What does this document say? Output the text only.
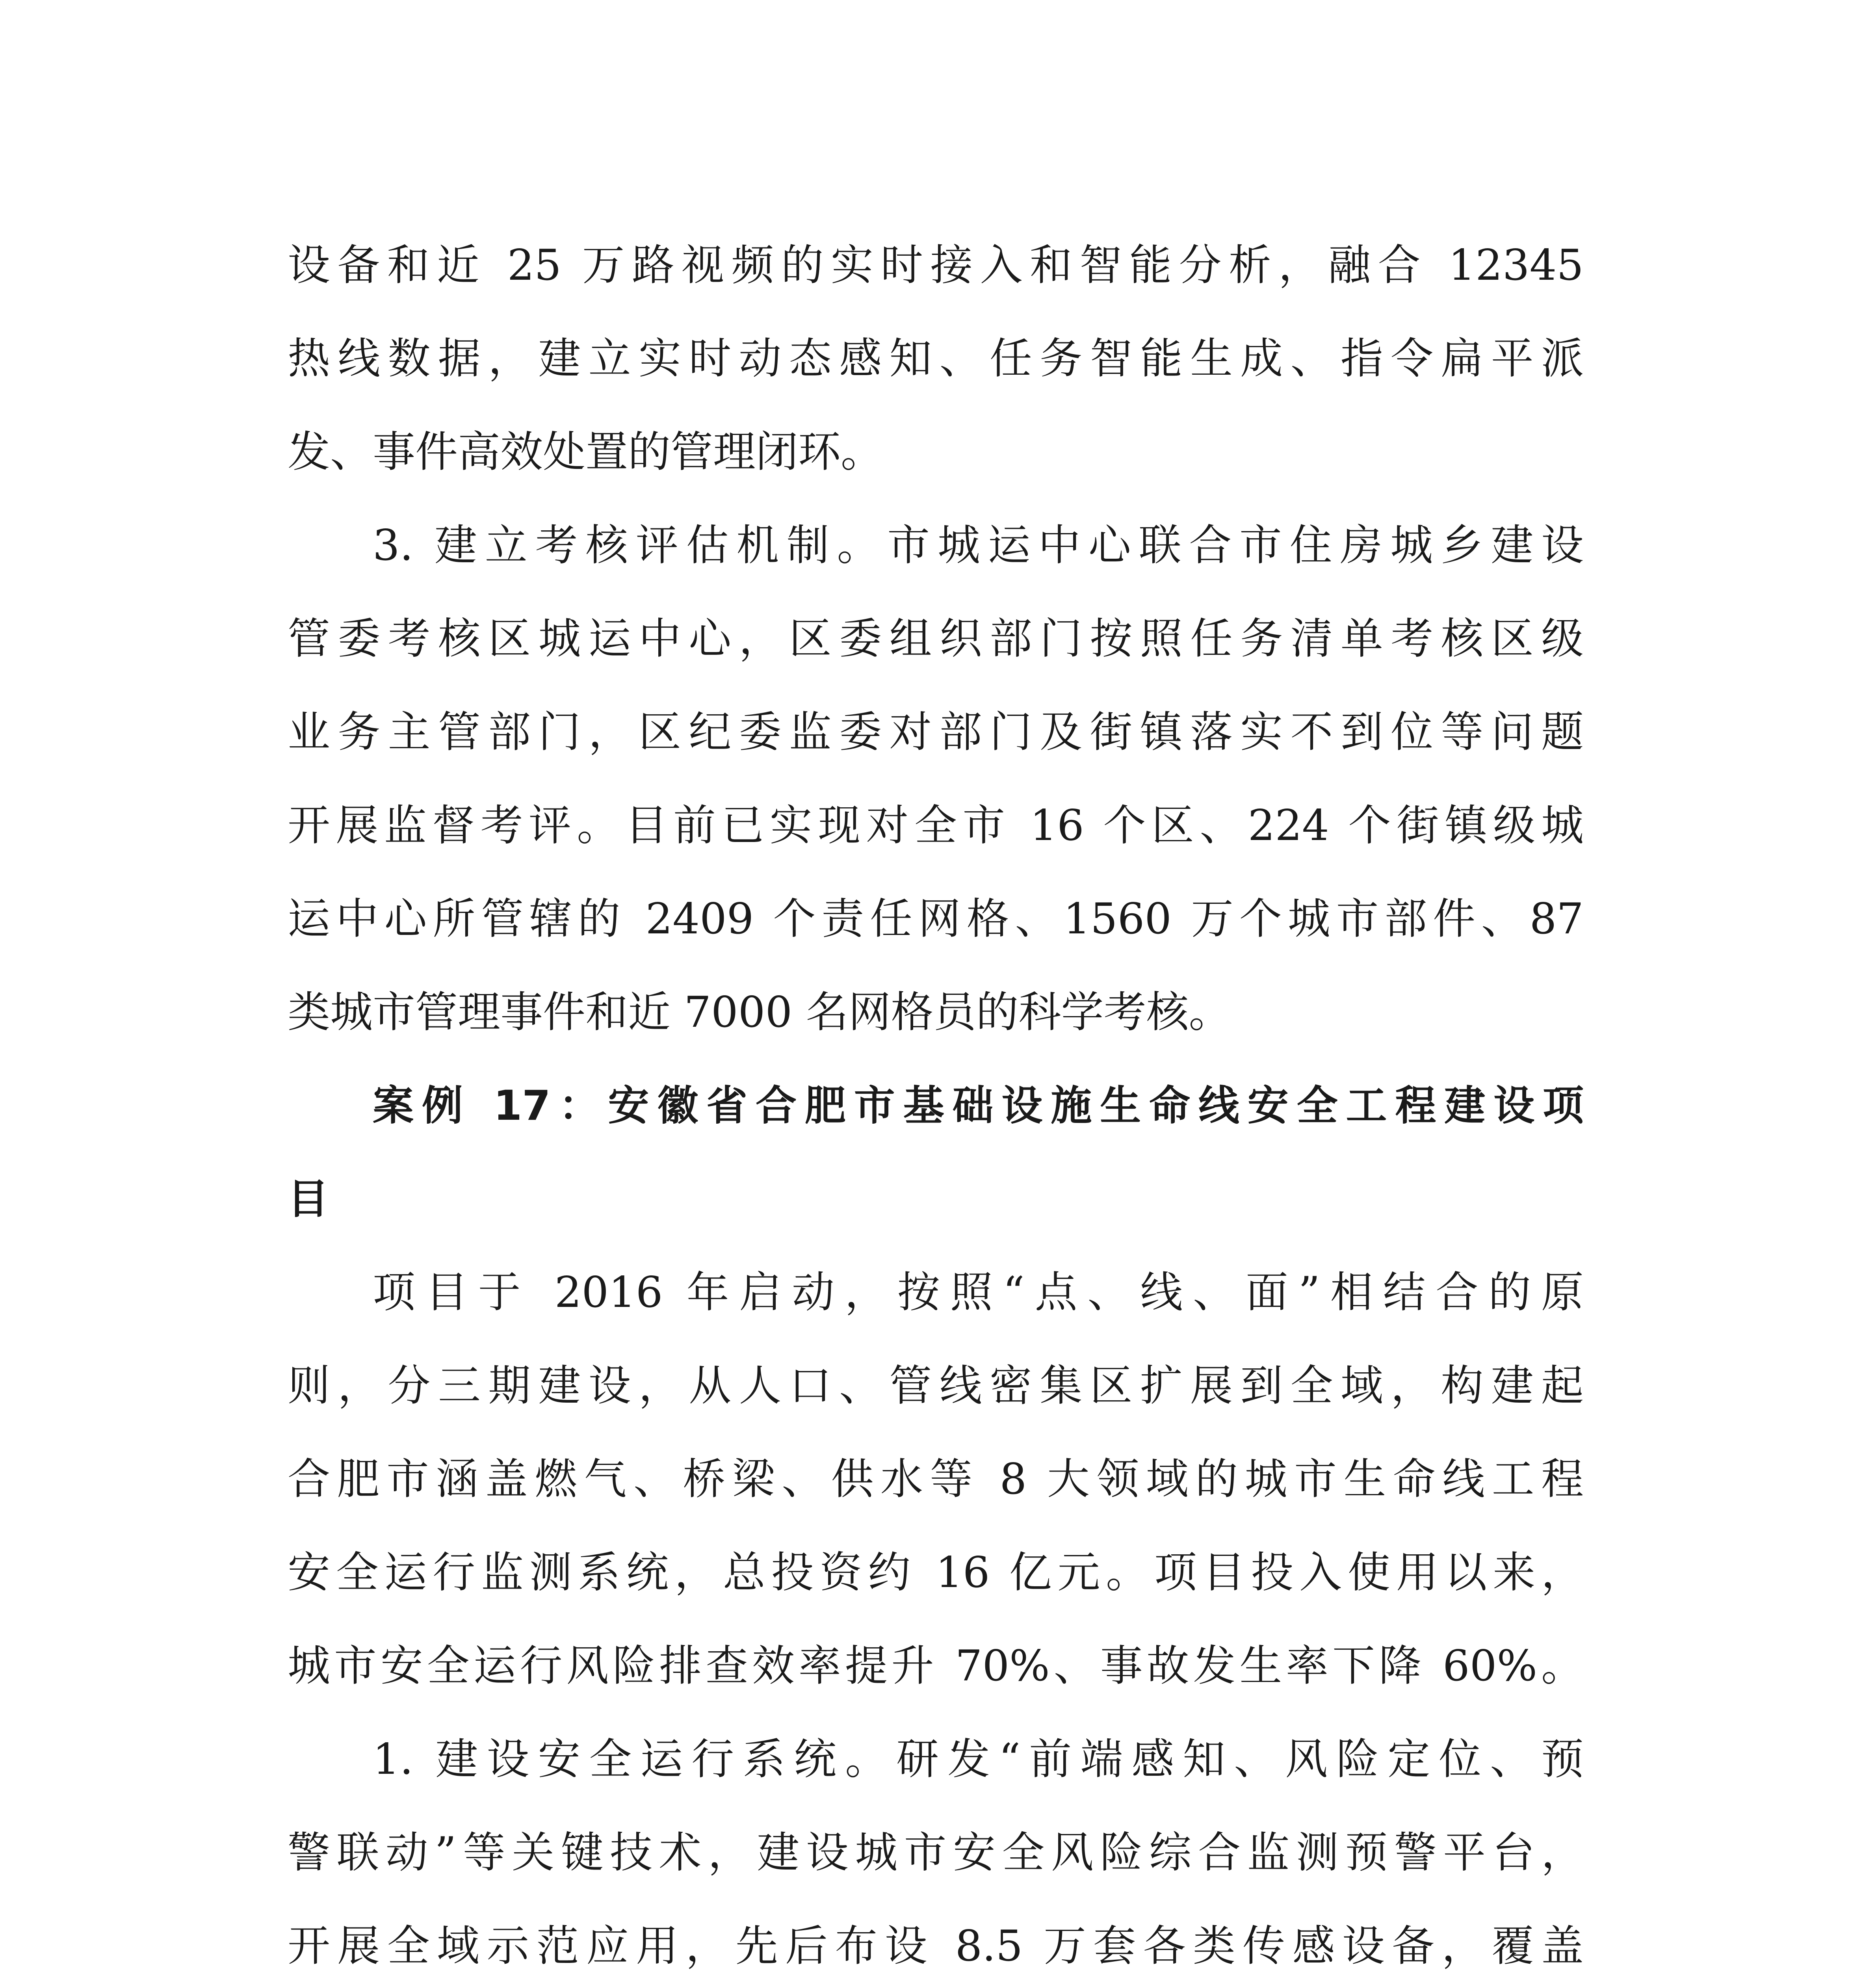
设备和近 25 万路视频的实时接入和智能分析，融合 12345
热线数据，建立实时动态感知、任务智能生成、指令扁平派
发、事件高效处置的管理闭环。
3. 建立考核评估机制。市城运中心联合市住房城乡建设
管委考核区城运中心，区委组织部门按照任务清单考核区级
业务主管部门，区纪委监委对部门及街镇落实不到位等问题
开展监督考评。目前已实现对全市 16 个区、224 个街镇级城
运中心所管辖的 2409 个责任网格、1560 万个城市部件、87
类城市管理事件和近 7000 名网格员的科学考核。
案例 17：安徽省合肥市基础设施生命线安全工程建设项
目
项目于 2016 年启动，按照“点、线、面”相结合的原
则，分三期建设，从人口、管线密集区扩展到全域，构建起
合肥市涵盖燃气、桥梁、供水等 8 大领域的城市生命线工程
安全运行监测系统，总投资约 16 亿元。项目投入使用以来，
城市安全运行风险排查效率提升 70%、事故发生率下降 60%。
1. 建设安全运行系统。研发“前端感知、风险定位、预
警联动”等关键技术，建设城市安全风险综合监测预警平台，
开展全域示范应用，先后布设 8.5 万套各类传感设备，覆盖
